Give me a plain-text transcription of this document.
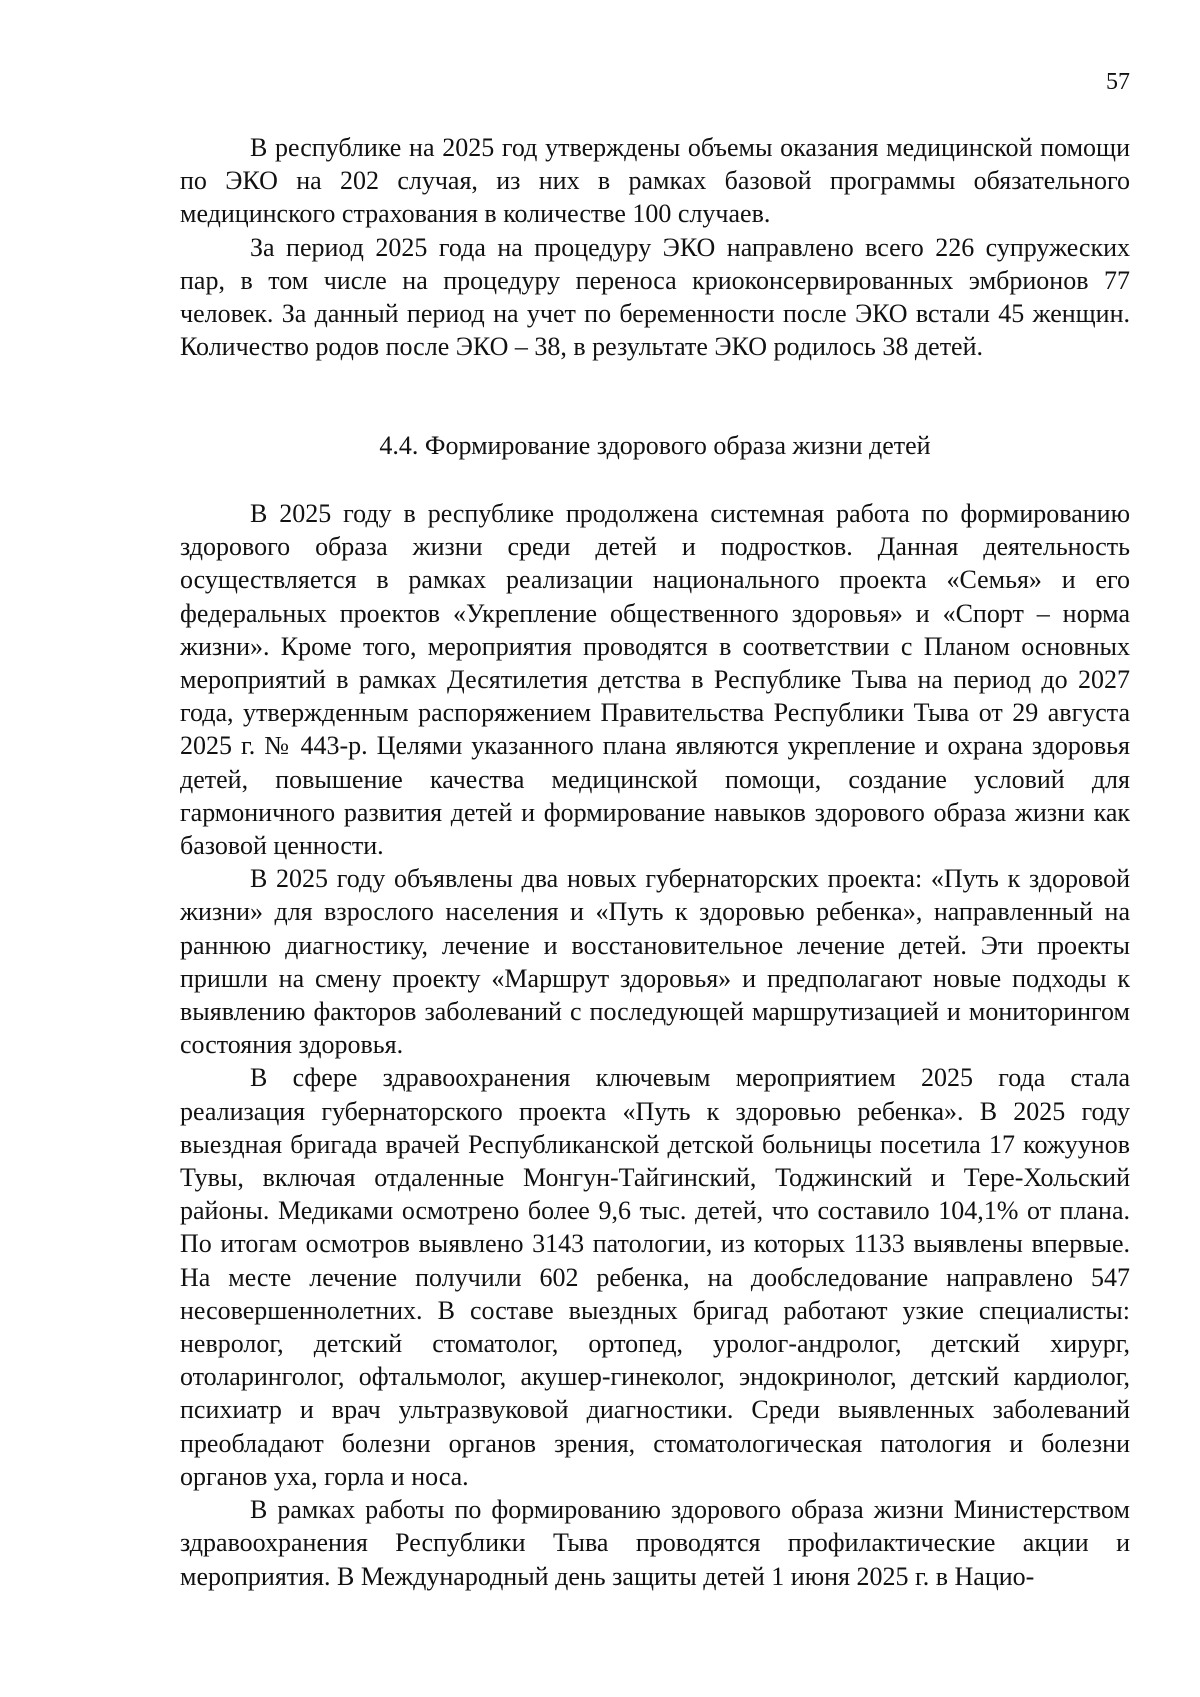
57

В республике на 2025 год утверждены объемы оказания медицинской помощи по ЭКО на 202 случая, из них в рамках базовой программы обязательного медицинского страхования в количестве 100 случаев.

За период 2025 года на процедуру ЭКО направлено всего 226 супружеских пар, в том числе на процедуру переноса криоконсервированных эмбрионов 77 человек. За данный период на учет по беременности после ЭКО встали 45 женщин. Количество родов после ЭКО – 38, в результате ЭКО родилось 38 детей.

4.4. Формирование здорового образа жизни детей

В 2025 году в республике продолжена системная работа по формированию здорового образа жизни среди детей и подростков. Данная деятельность осуществляется в рамках реализации национального проекта «Семья» и его федеральных проектов «Укрепление общественного здоровья» и «Спорт – норма жизни». Кроме того, мероприятия проводятся в соответствии с Планом основных мероприятий в рамках Десятилетия детства в Республике Тыва на период до 2027 года, утвержденным распоряжением Правительства Республики Тыва от 29 августа 2025 г. № 443-р. Целями указанного плана являются укрепление и охрана здоровья детей, повышение качества медицинской помощи, создание условий для гармоничного развития детей и формирование навыков здорового образа жизни как базовой ценности.

В 2025 году объявлены два новых губернаторских проекта: «Путь к здоровой жизни» для взрослого населения и «Путь к здоровью ребенка», направленный на раннюю диагностику, лечение и восстановительное лечение детей. Эти проекты пришли на смену проекту «Маршрут здоровья» и предполагают новые подходы к выявлению факторов заболеваний с последующей маршрутизацией и мониторингом состояния здоровья.

В сфере здравоохранения ключевым мероприятием 2025 года стала реализация губернаторского проекта «Путь к здоровью ребенка». В 2025 году выездная бригада врачей Республиканской детской больницы посетила 17 кожуунов Тувы, включая отдаленные Монгун-Тайгинский, Тоджинский и Тере-Хольский районы. Медиками осмотрено более 9,6 тыс. детей, что составило 104,1% от плана. По итогам осмотров выявлено 3143 патологии, из которых 1133 выявлены впервые. На месте лечение получили 602 ребенка, на дообследование направлено 547 несовершеннолетних. В составе выездных бригад работают узкие специалисты: невролог, детский стоматолог, ортопед, уролог-андролог, детский хирург, отоларинголог, офтальмолог, акушер-гинеколог, эндокринолог, детский кардиолог, психиатр и врач ультразвуковой диагностики. Среди выявленных заболеваний преобладают болезни органов зрения, стоматологическая патология и болезни органов уха, горла и носа.

В рамках работы по формированию здорового образа жизни Министерством здравоохранения Республики Тыва проводятся профилактические акции и мероприятия. В Международный день защиты детей 1 июня 2025 г. в Нацио-
